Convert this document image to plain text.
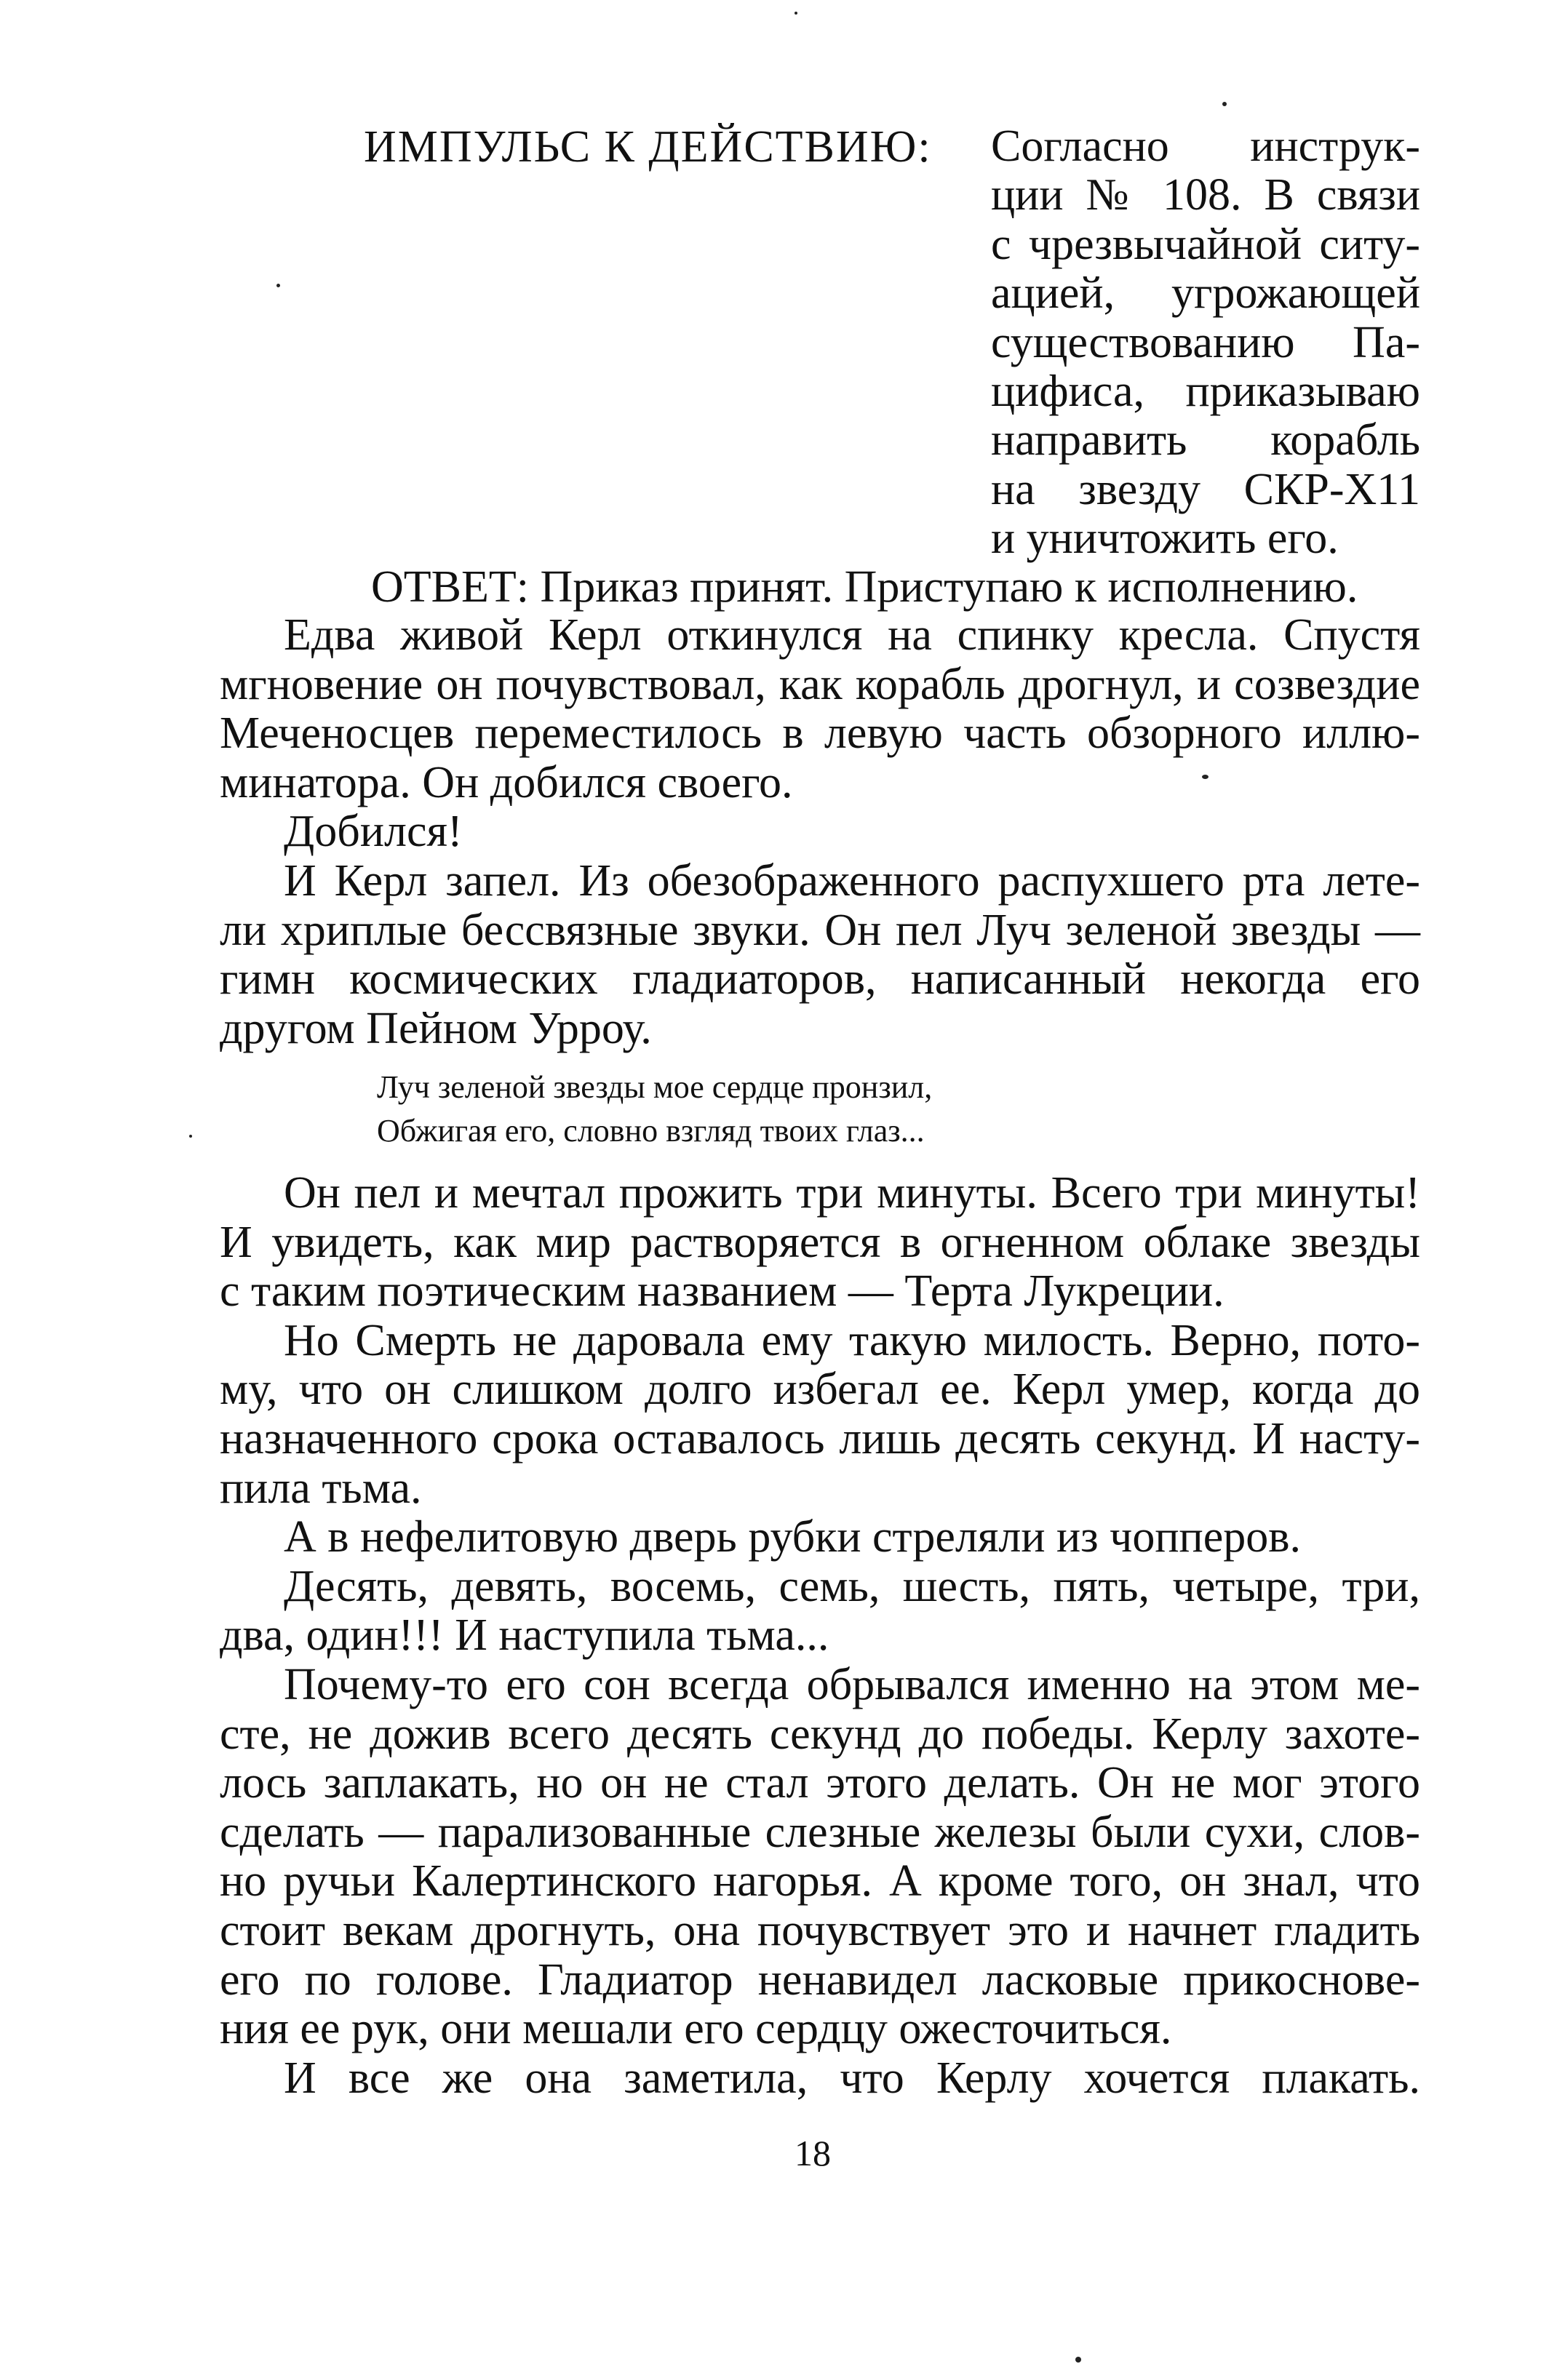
ИМПУЛЬС К ДЕЙСТВИЮ: Согласно инструк-
ции № 108. В связи
с чрезвычайной ситу-
ацией, угрожающей
существованию Па-
цифиса, приказываю
направить корабль
на звезду СКР-Х11
и уничтожить его.
ОТВЕТ: Приказ принят. Приступаю к исполнению.
Едва живой Керл откинулся на спинку кресла. Спустя
мгновение он почувствовал, как корабль дрогнул, и созвездие
Меченосцев переместилось в левую часть обзорного иллю-
минатора. Он добился своего.
Добился!
И Керл запел. Из обезображенного распухшего рта лете-
ли хриплые бессвязные звуки. Он пел Луч зеленой звезды —
гимн космических гладиаторов, написанный некогда его
другом Пейном Урроу.
Луч зеленой звезды мое сердце пронзил,
Обжигая его, словно взгляд твоих глаз...
Он пел и мечтал прожить три минуты. Всего три минуты!
И увидеть, как мир растворяется в огненном облаке звезды
с таким поэтическим названием — Терта Лукреции.
Но Смерть не даровала ему такую милость. Верно, пото-
му, что он слишком долго избегал ее. Керл умер, когда до
назначенного срока оставалось лишь десять секунд. И насту-
пила тьма.
А в нефелитовую дверь рубки стреляли из чопперов.
Десять, девять, восемь, семь, шесть, пять, четыре, три,
два, один!!! И наступила тьма...
Почему-то его сон всегда обрывался именно на этом ме-
сте, не дожив всего десять секунд до победы. Керлу захоте-
лось заплакать, но он не стал этого делать. Он не мог этого
сделать — парализованные слезные железы были сухи, слов-
но ручьи Калертинского нагорья. А кроме того, он знал, что
стоит векам дрогнуть, она почувствует это и начнет гладить
его по голове. Гладиатор ненавидел ласковые прикоснове-
ния ее рук, они мешали его сердцу ожесточиться.
И все же она заметила, что Керлу хочется плакать.
18
